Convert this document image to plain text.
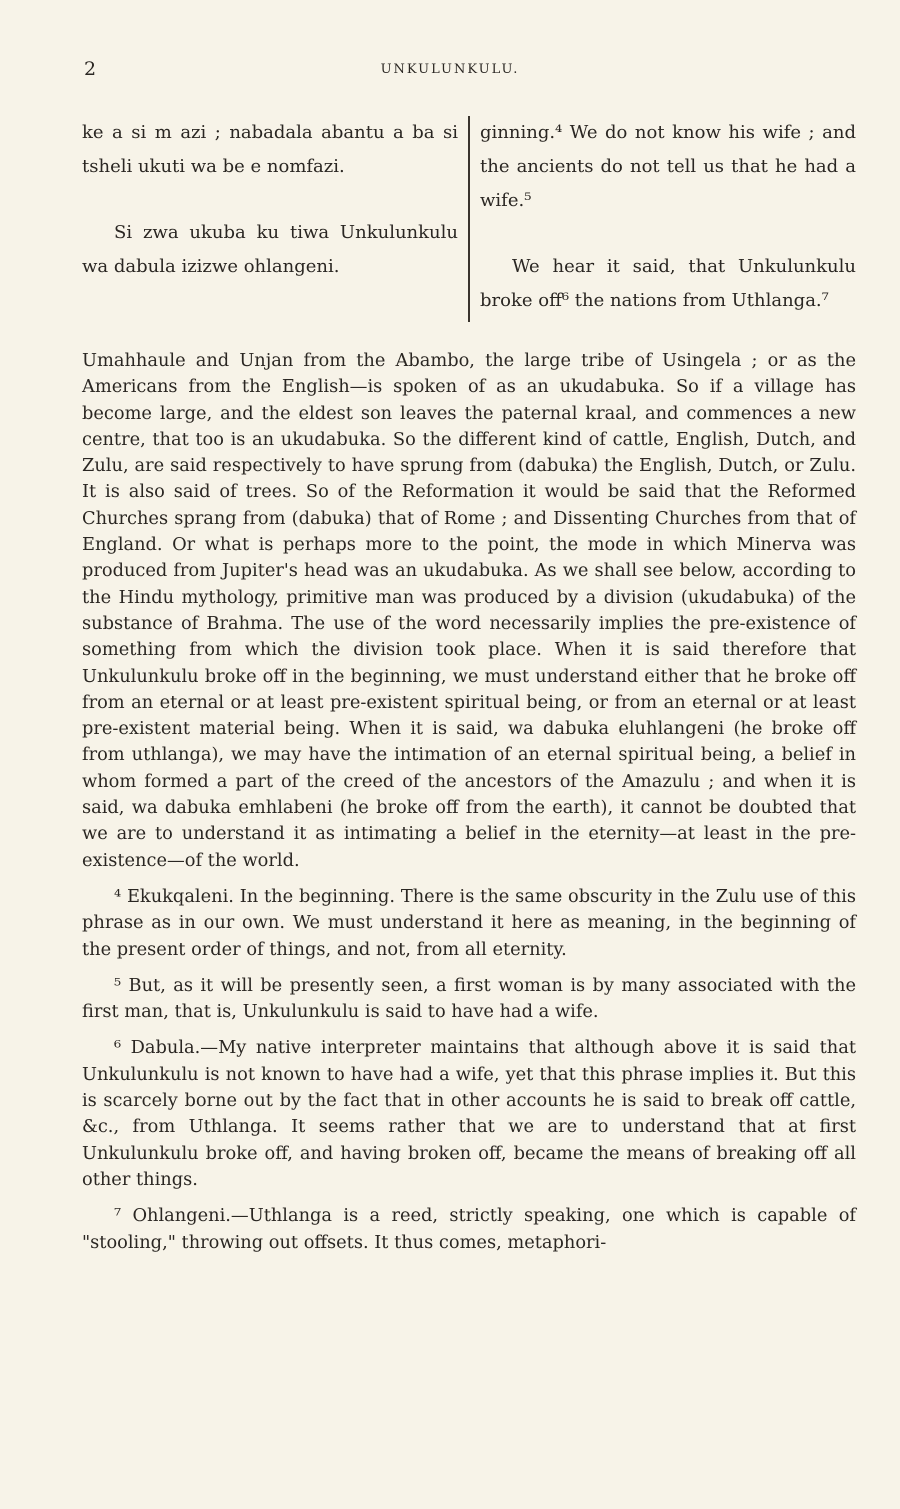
2	UNKULUNKULU.

ke a si m azi ; nabadala abantu a ba si tsheli ukuti wa be e nomfazi.

Si zwa ukuba ku tiwa Unkulunkulu wa dabula izizwe ohlangeni.

ginning.⁴ We do not know his wife ; and the ancients do not tell us that he had a wife.⁵

We hear it said, that Unkulunkulu broke off⁶ the nations from Uthlanga.⁷

Umahhaule and Unjan from the Abambo, the large tribe of Usingela ; or as the Americans from the English—is spoken of as an ukudabuka. So if a village has become large, and the eldest son leaves the paternal kraal, and commences a new centre, that too is an ukudabuka. So the different kind of cattle, English, Dutch, and Zulu, are said respectively to have sprung from (dabuka) the English, Dutch, or Zulu. It is also said of trees. So of the Reformation it would be said that the Reformed Churches sprang from (dabuka) that of Rome ; and Dissenting Churches from that of England. Or what is perhaps more to the point, the mode in which Minerva was produced from Jupiter's head was an ukudabuka. As we shall see below, according to the Hindu mythology, primitive man was produced by a division (ukudabuka) of the substance of Brahma. The use of the word necessarily implies the pre-existence of something from which the division took place. When it is said therefore that Unkulunkulu broke off in the beginning, we must understand either that he broke off from an eternal or at least pre-existent spiritual being, or from an eternal or at least pre-existent material being. When it is said, wa dabuka eluhlangeni (he broke off from uthlanga), we may have the intimation of an eternal spiritual being, a belief in whom formed a part of the creed of the ancestors of the Amazulu ; and when it is said, wa dabuka emhlabeni (he broke off from the earth), it cannot be doubted that we are to understand it as intimating a belief in the eternity—at least in the pre-existence—of the world.

⁴ Ekukqaleni. In the beginning. There is the same obscurity in the Zulu use of this phrase as in our own. We must understand it here as meaning, in the beginning of the present order of things, and not, from all eternity.

⁵ But, as it will be presently seen, a first woman is by many associated with the first man, that is, Unkulunkulu is said to have had a wife.

⁶ Dabula.—My native interpreter maintains that although above it is said that Unkulunkulu is not known to have had a wife, yet that this phrase implies it. But this is scarcely borne out by the fact that in other accounts he is said to break off cattle, &c., from Uthlanga. It seems rather that we are to understand that at first Unkulunkulu broke off, and having broken off, became the means of breaking off all other things.

⁷ Ohlangeni.—Uthlanga is a reed, strictly speaking, one which is capable of "stooling," throwing out offsets. It thus comes, metaphori-
